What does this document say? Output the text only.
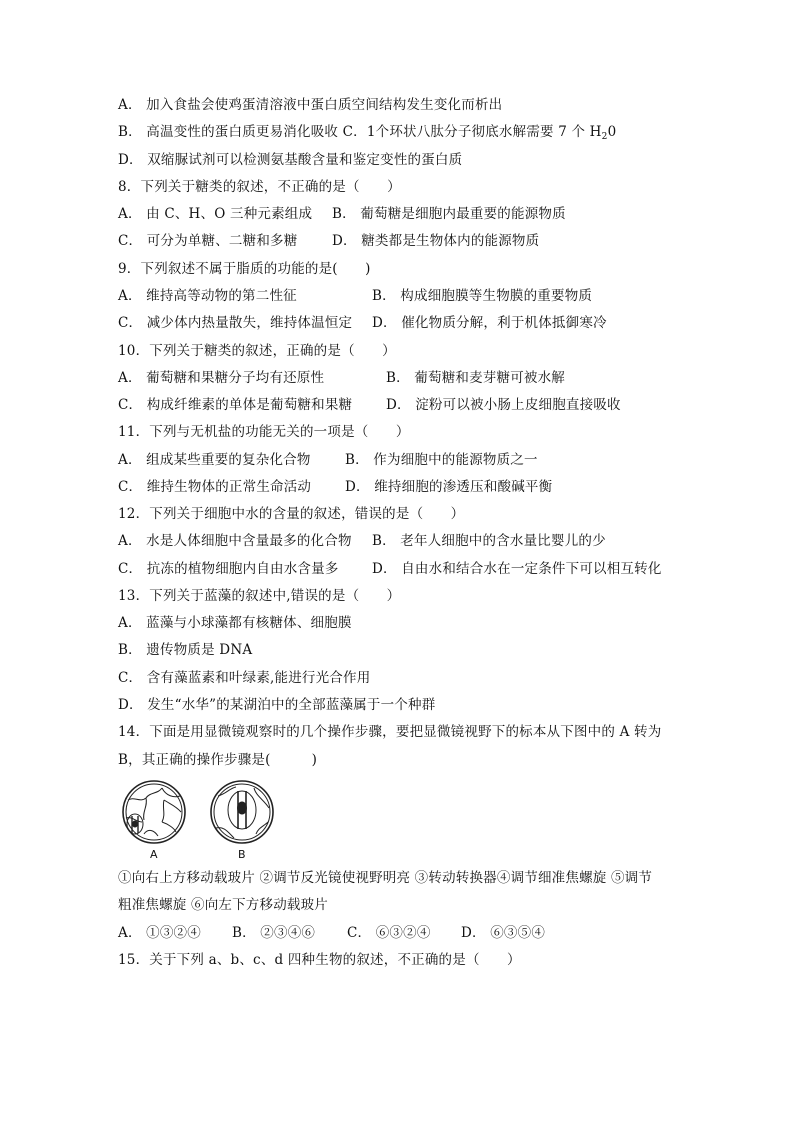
A． 加入食盐会使鸡蛋清溶液中蛋白质空间结构发生变化而析出
B． 高温变性的蛋白质更易消化吸收 C．1个环状八肽分子彻底水解需要 7 个 $H_20$
D． 双缩脲试剂可以检测氨基酸含量和鉴定变性的蛋白质
8．下列关于糖类的叙述，不正确的是（　　）
A． 由 C、H、O 三种元素组成 B． 葡萄糖是细胞内最重要的能源物质
C． 可分为单糖、二糖和多糖	D． 糖类都是生物体内的能源物质
9．下列叙述不属于脂质的功能的是(　　)
A． 维持高等动物的第二性征	B． 构成细胞膜等生物膜的重要物质
C． 减少体内热量散失，维持体温恒定 D． 催化物质分解，利于机体抵御寒冷
10．下列关于糖类的叙述，正确的是（　　）
A． 葡萄糖和果糖分子均有还原性	B． 葡萄糖和麦芽糖可被水解
C． 构成纤维素的单体是葡萄糖和果糖	D． 淀粉可以被小肠上皮细胞直接吸收
11．下列与无机盐的功能无关的一项是（　　）
A． 组成某些重要的复杂化合物	B． 作为细胞中的能源物质之一
C． 维持生物体的正常生命活动	D． 维持细胞的渗透压和酸碱平衡
12．下列关于细胞中水的含量的叙述，错误的是（　　）
A． 水是人体细胞中含量最多的化合物 B． 老年人细胞中的含水量比婴儿的少
C． 抗冻的植物细胞内自由水含量多 D． 自由水和结合水在一定条件下可以相互转化
13．下列关于蓝藻的叙述中,错误的是（　　）
A． 蓝藻与小球藻都有核糖体、细胞膜
B． 遗传物质是 DNA
C． 含有藻蓝素和叶绿素,能进行光合作用
D． 发生“水华”的某湖泊中的全部蓝藻属于一个种群
14．下面是用显微镜观察时的几个操作步骤，要把显微镜视野下的标本从下图中的 A 转为
B，其正确的操作步骤是(　　　)
A	B
①向右上方移动载玻片 ②调节反光镜使视野明亮 ③转动转换器④调节细准焦螺旋 ⑤调节
粗准焦螺旋 ⑥向左下方移动载玻片
A． ①③②④ B． ②③④⑥ C． ⑥③②④ D． ⑥③⑤④
15．关于下列 a、b、c、d 四种生物的叙述，不正确的是（　　）
